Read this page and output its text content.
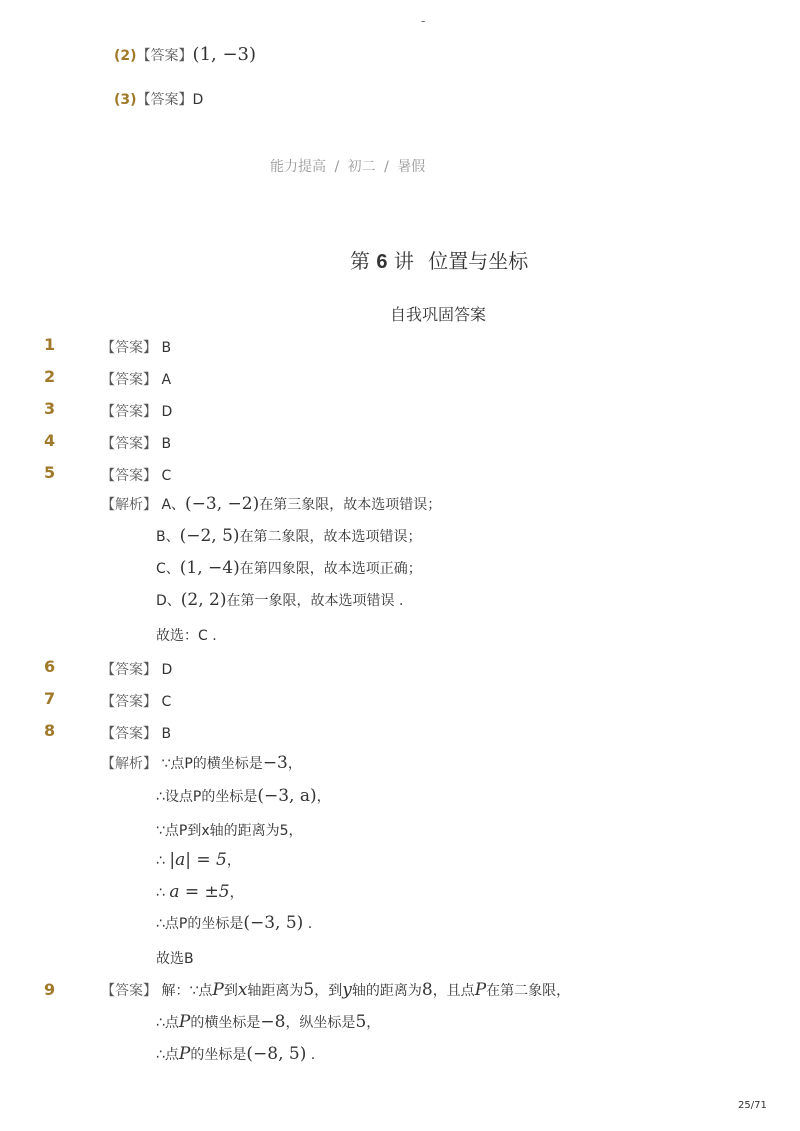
-
(2)【答案】(1, −3)
(3)【答案】D
能力提高 / 初二 / 暑假
第 6 讲 位置与坐标
自我巩固答案
1	【答案】 B
2	【答案】 A
3	【答案】 D
4	【答案】 B
5	【答案】 C
【解析】 A、(−3, −2)在第三象限，故本选项错误；
B、(−2, 5)在第二象限，故本选项错误；
C、(1, −4)在第四象限，故本选项正确；
D、(2, 2)在第一象限，故本选项错误 .
故选：C .
6	【答案】 D
7	【答案】 C
8	【答案】 B
【解析】 ∵点P的横坐标是−3，
∴设点P的坐标是(−3, a)，
∵点P到x轴的距离为5，
∴ |a| = 5，
∴ a = ±5，
∴点P的坐标是(−3, 5) .
故选B
9	【答案】 解：∵点P到x轴距离为5，到y轴的距离为8，且点P在第二象限，
∴点P的横坐标是−8，纵坐标是5，
∴点P的坐标是(−8, 5) .
25/71
